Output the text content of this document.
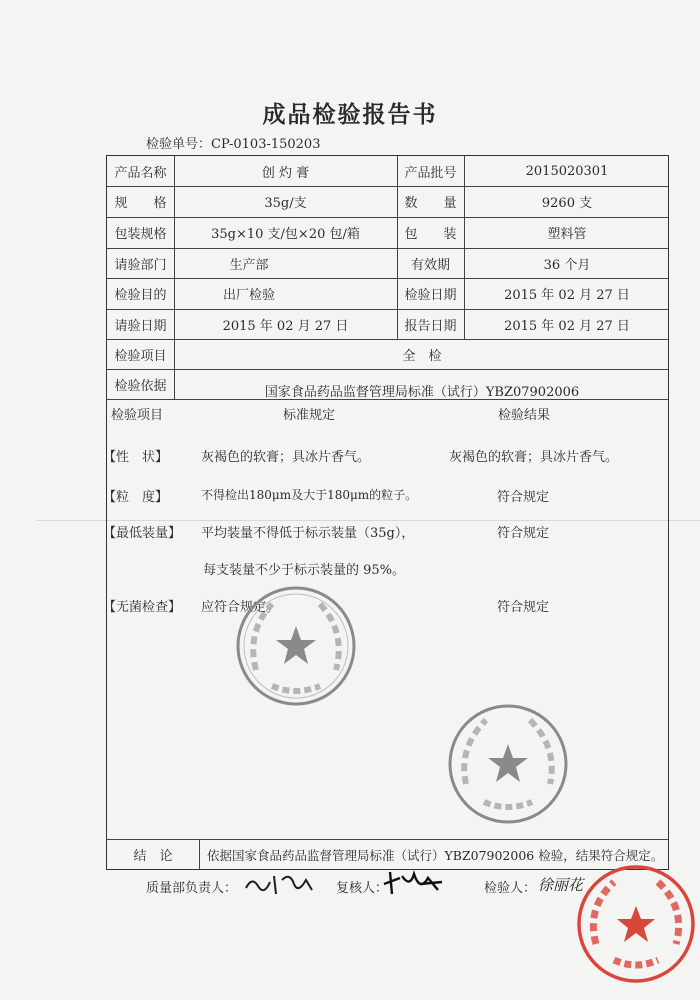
成品检验报告书
检验单号：CP-0103-150203
产品名称	创 灼 膏	产品批号	2015020301
规　　格	35g/支	数　　量	9260 支
包装规格	35g×10 支/包×20 包/箱	包　　装	塑料管
请验部门	生产部	有效期	36 个月
检验目的	出厂检验	检验日期	2015 年 02 月 27 日
请验日期	2015 年 02 月 27 日	报告日期	2015 年 02 月 27 日
检验项目	全　检
检验依据	国家食品药品监督管理局标准（试行）YBZ07902006
检验项目	标准规定	检验结果
【性　状】	灰褐色的软膏；具冰片香气。	灰褐色的软膏；具冰片香气。
【粒　度】	不得检出180μm及大于180μm的粒子。	符合规定
【最低装量】 平均装量不得低于标示装量（35g），	符合规定
每支装量不少于标示装量的 95%。
【无菌检查】 应符合规定。	符合规定
结　论	依据国家食品药品监督管理局标准（试行）YBZ07902006 检验，结果符合规定。
质量部负责人：	复核人：	检验人： 徐丽花
